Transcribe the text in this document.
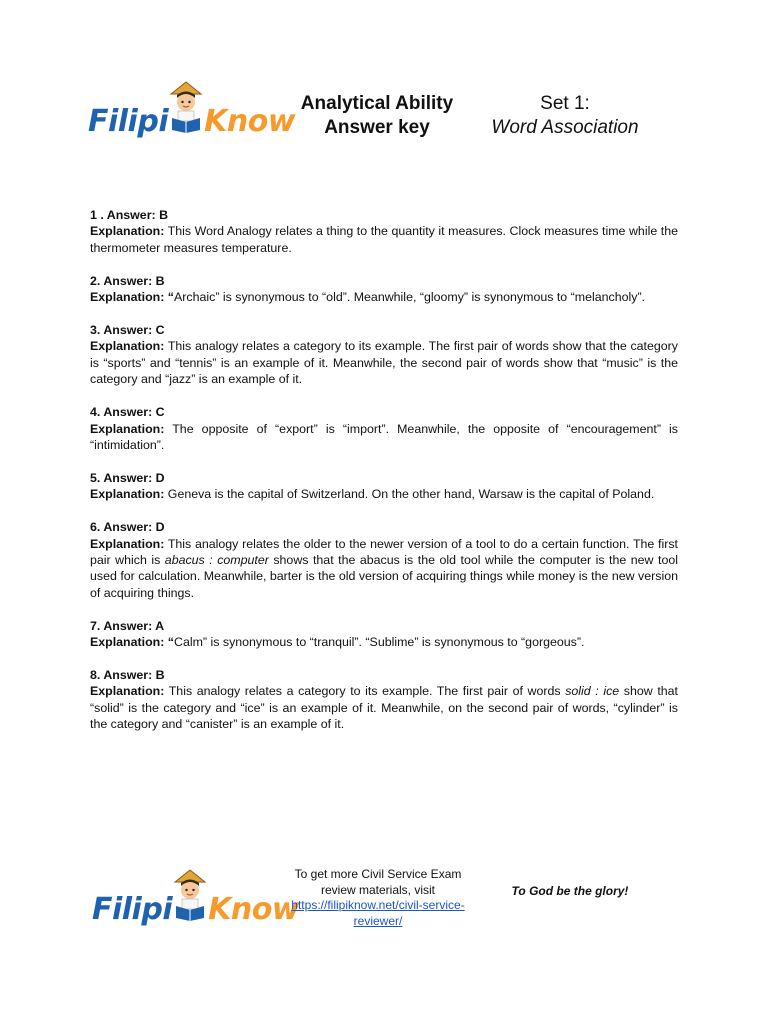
Filipi Know
Analytical Ability
Answer key
Set 1:
Word Association
1 . Answer: B
Explanation: This Word Analogy relates a thing to the quantity it measures. Clock measures time while the thermometer measures temperature.
2. Answer: B
Explanation: “Archaic” is synonymous to “old”. Meanwhile, “gloomy” is synonymous to “melancholy”.
3. Answer: C
Explanation: This analogy relates a category to its example. The first pair of words show that the category is “sports” and “tennis” is an example of it. Meanwhile, the second pair of words show that “music” is the category and “jazz” is an example of it.
4. Answer: C
Explanation: The opposite of “export” is “import”. Meanwhile, the opposite of “encouragement” is “intimidation”.
5. Answer: D
Explanation: Geneva is the capital of Switzerland. On the other hand, Warsaw is the capital of Poland.
6. Answer: D
Explanation: This analogy relates the older to the newer version of a tool to do a certain function. The first pair which is abacus : computer shows that the abacus is the old tool while the computer is the new tool used for calculation. Meanwhile, barter is the old version of acquiring things while money is the new version of acquiring things.
7. Answer: A
Explanation: “Calm” is synonymous to “tranquil”. “Sublime” is synonymous to “gorgeous”.
8. Answer: B
Explanation: This analogy relates a category to its example. The first pair of words solid : ice show that “solid” is the category and “ice” is an example of it. Meanwhile, on the second pair of words, “cylinder” is the category and “canister” is an example of it.
Filipi Know
To get more Civil Service Exam
review materials, visit
https://filipiknow.net/civil-service-
reviewer/
To God be the glory!
